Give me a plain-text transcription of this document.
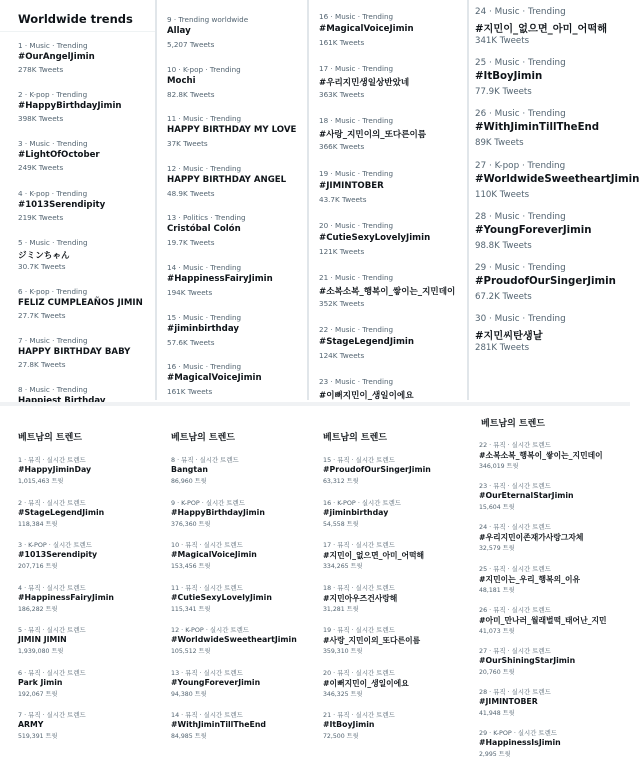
Worldwide trends
1 · Music · Trending
#OurAngelJimin
278K Tweets
2 · K-pop · Trending
#HappyBirthdayJimin
398K Tweets
3 · Music · Trending
#LightOfOctober
249K Tweets
4 · K-pop · Trending
#1013Serendipity
219K Tweets
5 · Music · Trending
ジミンちゃん
30.7K Tweets
6 · K-pop · Trending
FELIZ CUMPLEAÑOS JIMIN
27.7K Tweets
7 · Music · Trending
HAPPY BIRTHDAY BABY
27.8K Tweets
8 · Music · Trending
9 · Trending worldwide
Allay
5,207 Tweets
10 · K-pop · Trending
Mochi
82.8K Tweets
11 · Music · Trending
HAPPY BIRTHDAY MY LOVE
37K Tweets
12 · Music · Trending
HAPPY BIRTHDAY ANGEL
48.9K Tweets
13 · Politics · Trending
Cristóbal Colón
19.7K Tweets
14 · Music · Trending
#HappinessFairyJimin
194K Tweets
15 · Music · Trending
#jiminbirthday
57.6K Tweets
16 · Music · Trending
#MagicalVoiceJimin
161K Tweets
16 · Music · Trending
#MagicalVoiceJimin
161K Tweets
17 · Music · Trending
#우리지민생일상반았네
363K Tweets
18 · Music · Trending
#사랑_지민이의_또다른이름
366K Tweets
19 · Music · Trending
#JIMINTOBER
43.7K Tweets
20 · Music · Trending
#CutieSexyLovelyJimin
121K Tweets
21 · Music · Trending
#소복소복_행복이_쌓이는_지민데이
352K Tweets
22 · Music · Trending
#StageLegendJimin
124K Tweets
23 · Music · Trending
#이뻐지민이_생일이에요
24 · Music · Trending
#지민이_없으면_아미_어떡해
341K Tweets
25 · Music · Trending
#ItBoyJimin
77.9K Tweets
26 · Music · Trending
#WithJiminTillTheEnd
89K Tweets
27 · K-pop · Trending
#WorldwideSweetheartJimin
110K Tweets
28 · Music · Trending
#YoungForeverJimin
98.8K Tweets
29 · Music · Trending
#ProudofOurSingerJimin
67.2K Tweets
30 · Music · Trending
#지민씨탄생날
281K Tweets
베트남의 트렌드
1 · 뮤직 · 실시간 트렌드
#HappyJiminDay
1,015,463 트윗
2 · 뮤직 · 실시간 트렌드
#StageLegendJimin
118,384 트윗
3 · K-POP · 실시간 트렌드
#1013Serendipity
207,716 트윗
4 · 뮤직 · 실시간 트렌드
#HappinessFairyJimin
186,282 트윗
5 · 뮤직 · 실시간 트렌드
JIMIN JIMIN
1,939,080 트윗
6 · 뮤직 · 실시간 트렌드
Park Jimin
192,067 트윗
7 · 뮤직 · 실시간 트렌드
ARMY
519,391 트윗
베트남의 트렌드
8 · 뮤직 · 실시간 트렌드
Bangtan
86,960 트윗
9 · K-POP · 실시간 트렌드
#HappyBirthdayJimin
376,360 트윗
10 · 뮤직 · 실시간 트렌드
#MagicalVoiceJimin
153,456 트윗
11 · 뮤직 · 실시간 트렌드
#CutieSexyLovelyJimin
115,341 트윗
12 · K-POP · 실시간 트렌드
#WorldwideSweetheartJimin
105,512 트윗
13 · 뮤직 · 실시간 트렌드
#YoungForeverJimin
94,380 트윗
14 · 뮤직 · 실시간 트렌드
#WithJiminTillTheEnd
84,985 트윗
베트남의 트렌드
15 · 뮤직 · 실시간 트렌드
#ProudofOurSingerJimin
63,312 트윗
16 · K-POP · 실시간 트렌드
#jiminbirthday
54,558 트윗
17 · 뮤직 · 실시간 트렌드
#지민이_없으면_아미_어떡해
334,265 트윗
18 · 뮤직 · 실시간 트렌드
#지민아우즈건사랑해
31,281 트윗
19 · 뮤직 · 실시간 트렌드
#사랑_지민이의_또다른이름
359,310 트윗
20 · 뮤직 · 실시간 트렌드
#이뻐지민이_생일이에요
346,325 트윗
21 · 뮤직 · 실시간 트렌드
#ItBoyJimin
72,500 트윗
베트남의 트렌드
22 · 뮤직 · 실시간 트렌드
#소복소복_행복이_쌓이는_지민데이
346,019 트윗
23 · 뮤직 · 실시간 트렌드
#OurEternalStarJimin
15,604 트윗
24 · 뮤직 · 실시간 트렌드
#우리지민이존재가사랑그자체
32,579 트윗
25 · 뮤직 · 실시간 트렌드
#지민이는_우리_행복의_이유
48,181 트윗
26 · 뮤직 · 실시간 트렌드
#아미_만나러_월래벌떡_태어난_지민
41,073 트윗
27 · 뮤직 · 실시간 트렌드
#OurShiningStarJimin
20,760 트윗
28 · 뮤직 · 실시간 트렌드
#JIMINTOBER
41,948 트윗
29 · K-POP · 실시간 트렌드
#HappinessIsJimin
2,995 트윗
